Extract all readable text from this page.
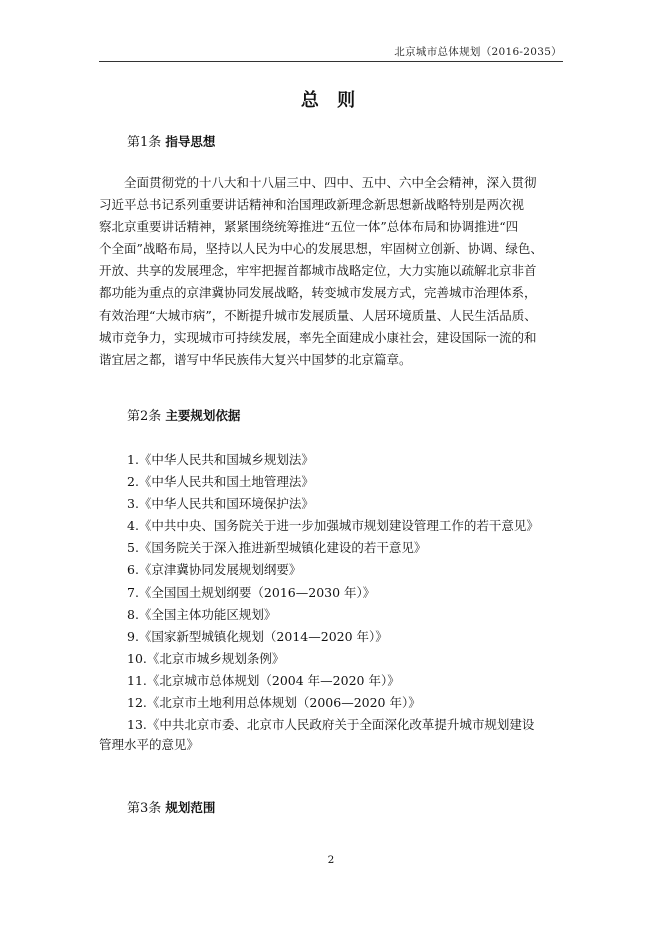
北京城市总体规划（2016-2035）
总 则
第1条 指导思想
　　全面贯彻党的十八大和十八届三中、四中、五中、六中全会精神，深入贯彻
习近平总书记系列重要讲话精神和治国理政新理念新思想新战略特别是两次视
察北京重要讲话精神，紧紧围绕统筹推进“五位一体”总体布局和协调推进“四
个全面”战略布局，坚持以人民为中心的发展思想，牢固树立创新、协调、绿色、
开放、共享的发展理念，牢牢把握首都城市战略定位，大力实施以疏解北京非首
都功能为重点的京津冀协同发展战略，转变城市发展方式，完善城市治理体系，
有效治理“大城市病”，不断提升城市发展质量、人居环境质量、人民生活品质、
城市竞争力，实现城市可持续发展，率先全面建成小康社会，建设国际一流的和
谐宜居之都，谱写中华民族伟大复兴中国梦的北京篇章。
第2条 主要规划依据
1.《中华人民共和国城乡规划法》
2.《中华人民共和国土地管理法》
3.《中华人民共和国环境保护法》
4.《中共中央、国务院关于进一步加强城市规划建设管理工作的若干意见》
5.《国务院关于深入推进新型城镇化建设的若干意见》
6.《京津冀协同发展规划纲要》
7.《全国国土规划纲要（2016—2030 年）》
8.《全国主体功能区规划》
9.《国家新型城镇化规划（2014—2020 年）》
10.《北京市城乡规划条例》
11.《北京城市总体规划（2004 年—2020 年）》
12.《北京市土地利用总体规划（2006—2020 年）》
13.《中共北京市委、北京市人民政府关于全面深化改革提升城市规划建设
管理水平的意见》
第3条 规划范围
2
